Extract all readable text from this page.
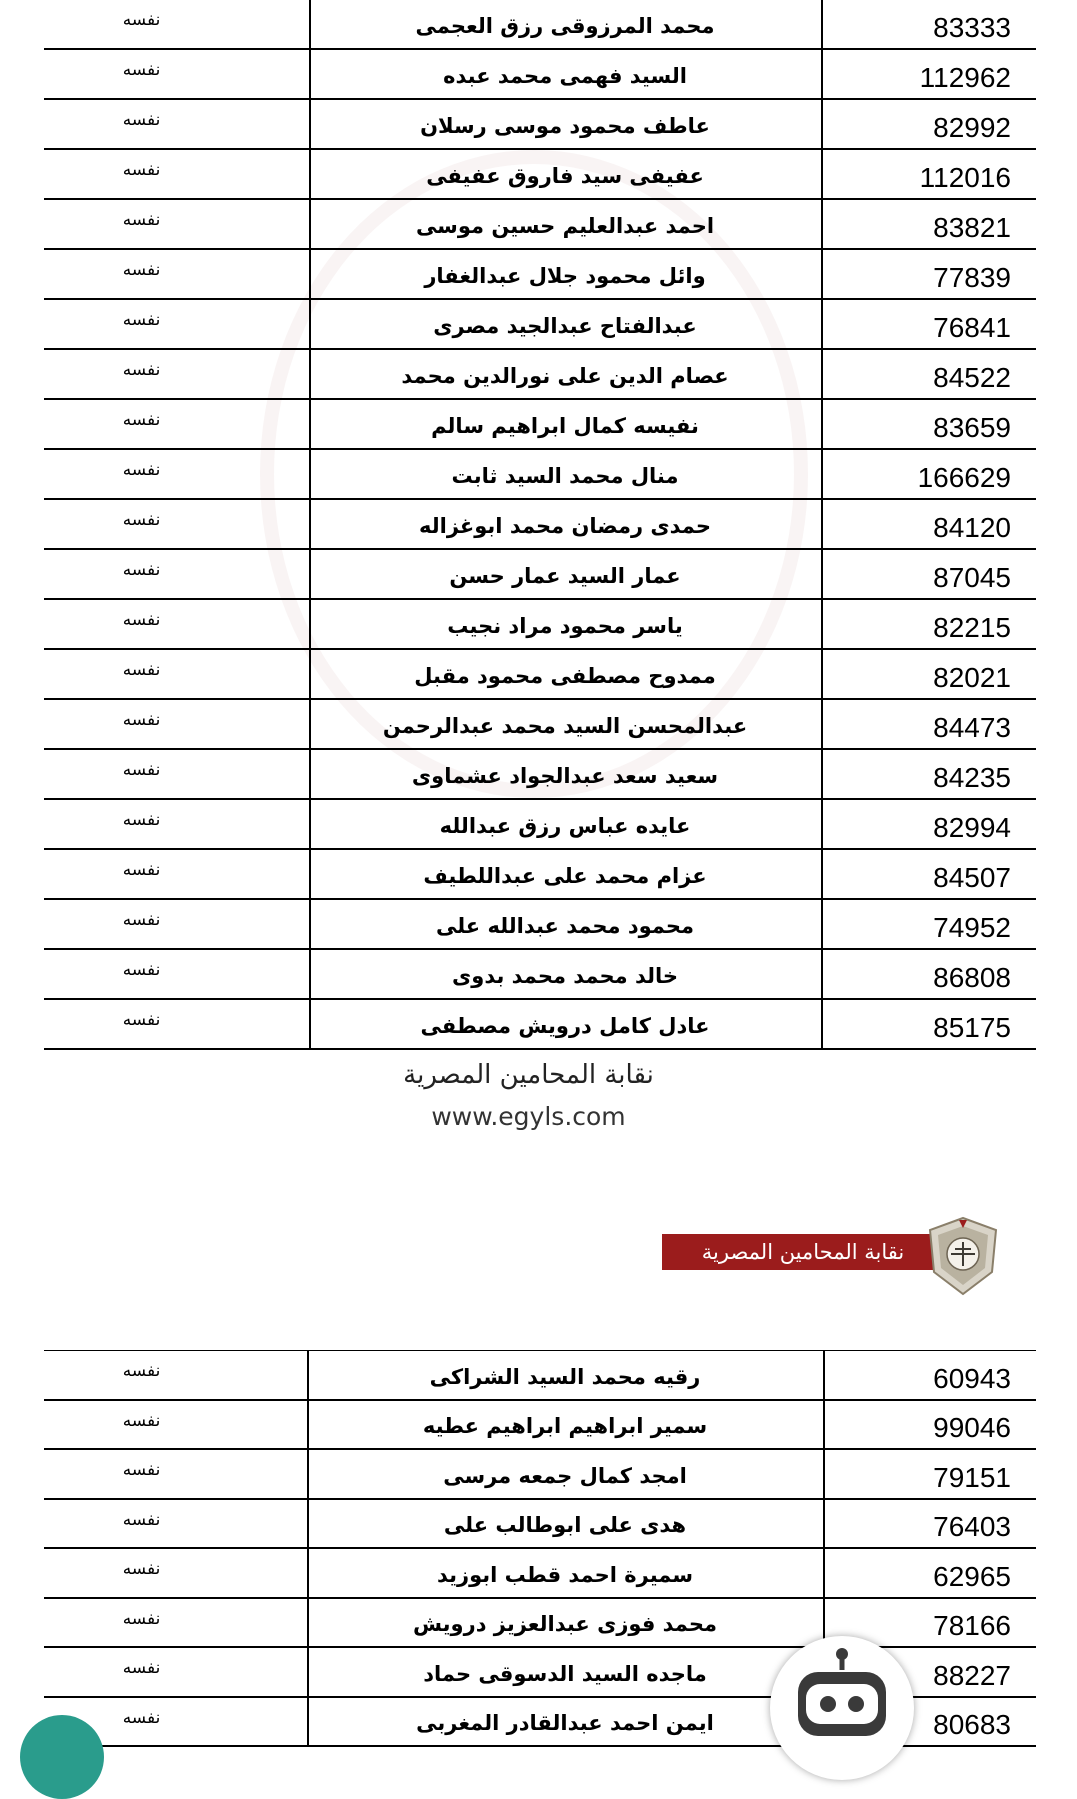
نفسه	محمد المرزوقى رزق العجمى	83333
نفسه	السيد فهمى محمد عبده	112962
نفسه	عاطف محمود موسى رسلان	82992
نفسه	عفيفى سيد فاروق عفيفى	112016
نفسه	احمد عبدالعليم حسين موسى	83821
نفسه	وائل محمود جلال عبدالغفار	77839
نفسه	عبدالفتاح عبدالجيد مصرى	76841
نفسه	عصام الدين على نورالدين محمد	84522
نفسه	نفيسه كمال ابراهيم سالم	83659
نفسه	منال محمد السيد ثابت	166629
نفسه	حمدى رمضان محمد ابوغزاله	84120
نفسه	عمار السيد عمار حسن	87045
نفسه	ياسر محمود مراد نجيب	82215
نفسه	ممدوح مصطفى محمود مقبل	82021
نفسه	عبدالمحسن السيد محمد عبدالرحمن	84473
نفسه	سعيد سعد عبدالجواد عشماوى	84235
نفسه	عايده عباس رزق عبدالله	82994
نفسه	عزام محمد على عبداللطيف	84507
نفسه	محمود محمد عبدالله على	74952
نفسه	خالد محمد محمد بدوى	86808
نفسه	عادل كامل درويش مصطفى	85175
نقابة المحامين المصرية
www.egyls.com
نقابة المحامين المصرية
نفسه	رقيه محمد السيد الشراكى	60943
نفسه	سمير ابراهيم ابراهيم عطيه	99046
نفسه	امجد كمال جمعه مرسى	79151
نفسه	هدى على ابوطالب على	76403
نفسه	سميرة احمد قطب ابوزيد	62965
نفسه	محمد فوزى عبدالعزيز درويش	78166
نفسه	ماجده السيد الدسوقى حماد	88227
نفسه	ايمن احمد عبدالقادر المغربى	80683
